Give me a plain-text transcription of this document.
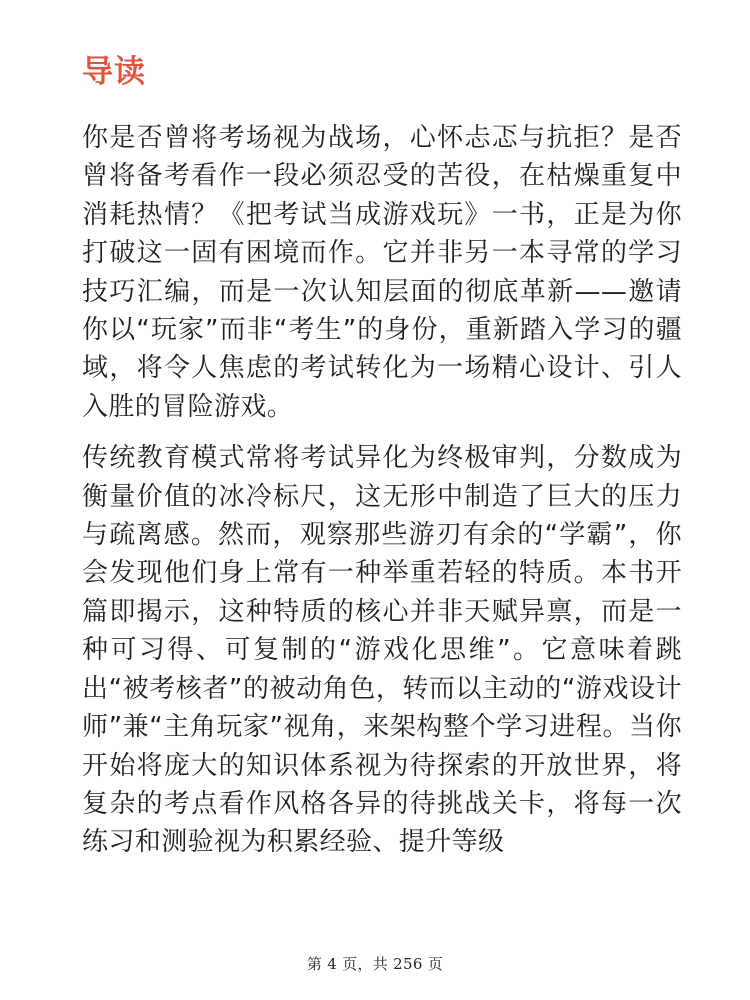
导读

你是否曾将考场视为战场，心怀忐忑与抗拒？是否曾将备考看作一段必须忍受的苦役，在枯燥重复中消耗热情？《把考试当成游戏玩》一书，正是为你打破这一固有困境而作。它并非另一本寻常的学习技巧汇编，而是一次认知层面的彻底革新——邀请你以“玩家”而非“考生”的身份，重新踏入学习的疆域，将令人焦虑的考试转化为一场精心设计、引人入胜的冒险游戏。

传统教育模式常将考试异化为终极审判，分数成为衡量价值的冰冷标尺，这无形中制造了巨大的压力与疏离感。然而，观察那些游刃有余的“学霸”，你会发现他们身上常有一种举重若轻的特质。本书开篇即揭示，这种特质的核心并非天赋异禀，而是一种可习得、可复制的“游戏化思维”。它意味着跳出“被考核者”的被动角色，转而以主动的“游戏设计师”兼“主角玩家”视角，来架构整个学习进程。当你开始将庞大的知识体系视为待探索的开放世界，将复杂的考点看作风格各异的待挑战关卡，将每一次练习和测验视为积累经验、提升等级

第 4 页，共 256 页
